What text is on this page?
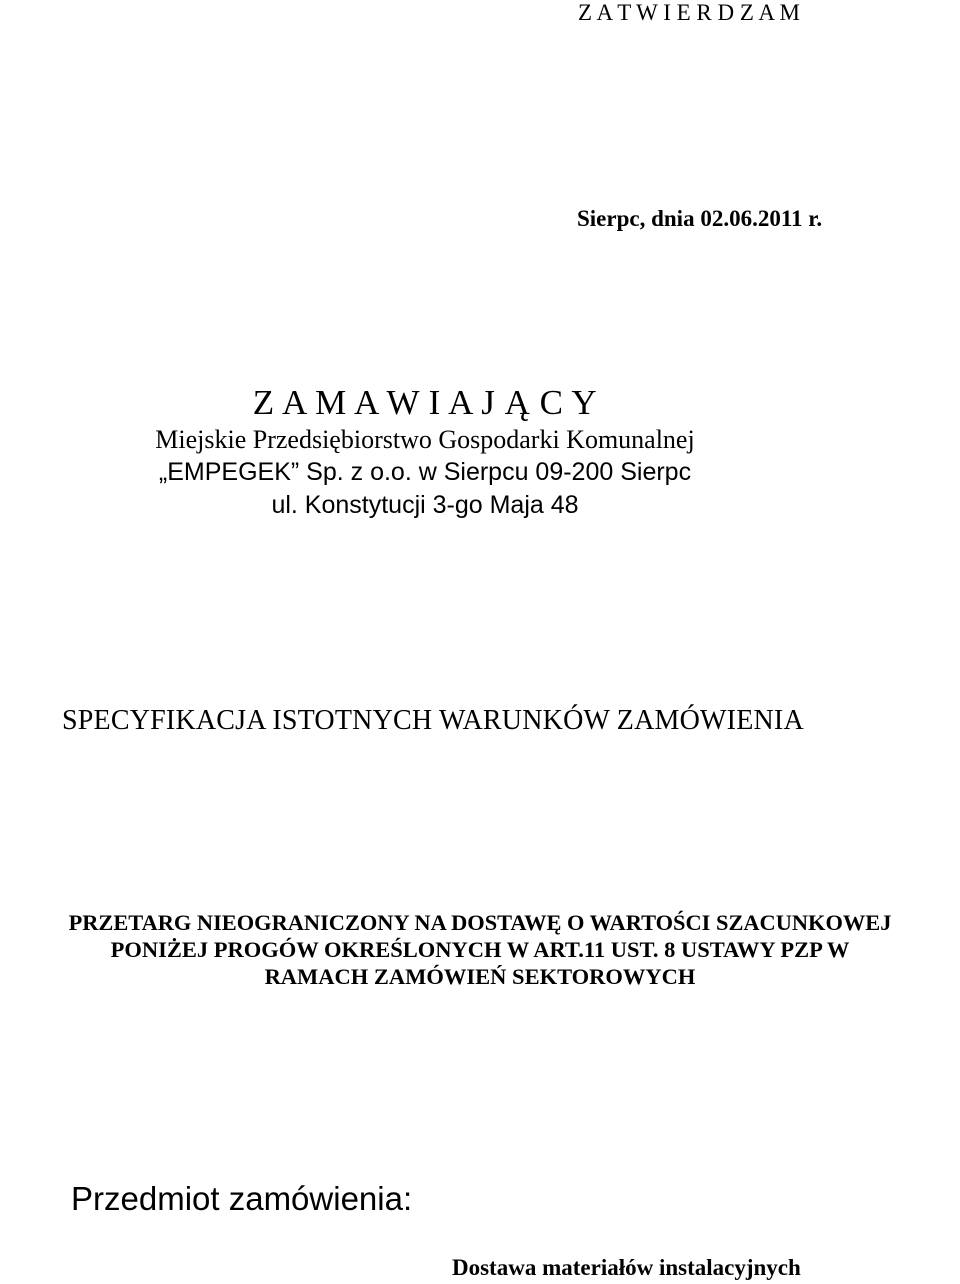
Z A T W I E R D Z A M
Sierpc, dnia 02.06.2011 r.
Z A M A W I A J Ą C Y
Miejskie Przedsiębiorstwo Gospodarki Komunalnej
„EMPEGEK” Sp. z o.o. w Sierpcu 09-200 Sierpc
ul. Konstytucji 3-go Maja 48
SPECYFIKACJA ISTOTNYCH WARUNKÓW ZAMÓWIENIA
PRZETARG NIEOGRANICZONY NA DOSTAWĘ O WARTOŚCI SZACUNKOWEJ
PONIŻEJ PROGÓW OKREŚLONYCH W ART.11 UST. 8 USTAWY PZP W
RAMACH ZAMÓWIEŃ SEKTOROWYCH
Przedmiot zamówienia:
Dostawa materiałów instalacyjnych
